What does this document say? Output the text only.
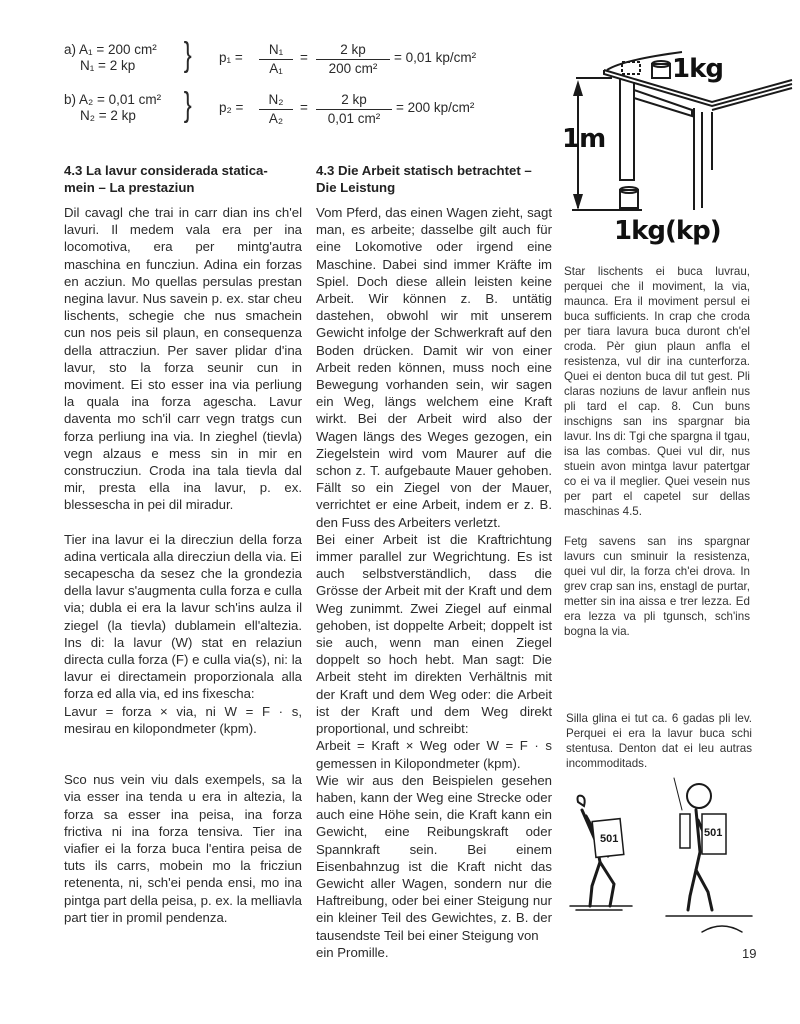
a) A₁ = 200 cm²
N₁ = 2 kp	} $p_1 = \frac{\text{N₁}}{\text{A₁}} = \frac{2 kp}{\text{200 cm²}} = 0,01$ kp/cm²
b) A₂ = 0,01 cm²
N₂ = 2 kp	} $p_2 = \frac{\text{N₂}}{\text{A₂}} = \frac{2 kp}{\text{0,01 cm²}} = 200$ kp/cm²
4.3 La lavur considerada statica-
mein – La prestaziun

Dil cavagl che trai in carr dian ins ch'el lavuri. Il medem vala era per ina locomotiva, era per mintg'autra maschina en funcziun. Adina ein forzas en acziun. Mo quellas persulas prestan negina lavur. Nus savein p. ex. star cheu lischents, schegie che nus smachein cun nos peis sil plaun, en consequenza della attracziun. Per saver plidar d'ina lavur, sto la forza seunir cun in moviment. Ei sto esser ina via perliung la quala ina forza agescha. Lavur daventa mo sch'il carr vegn tratgs cun forza perliung ina via. In zieghel (tievla) vegn alzaus e mess sin in mir en construcziun. Croda ina tala tievla dal mir, presta ella ina lavur, p. ex. blessescha in pei dil miradur.

Tier ina lavur ei la direcziun della forza adina verticala alla direcziun della via. Ei secapescha da sesez che la grondezia della lavur s'augmenta culla forza e culla via; dubla ei era la lavur sch'ins aulza il ziegel (la tievla) dublamein ell'altezia. Ins di: la lavur (W) stat en relaziun directa culla forza (F) e culla via(s), ni: la lavur ei directamein proporzionala alla forza ed alla via, ed ins fixescha:

Lavur = forza × via, ni W = F · s, mesirau en kilopondmeter (kpm).

Sco nus vein viu dals exempels, sa la via esser ina tenda u era in altezia, la forza sa esser ina peisa, ina forza frictiva ni ina forza tensiva. Tier ina viafier ei la forza buca l'entira peisa de tuts ils carrs, mobein mo la fricziun retenenta, ni, sch'ei penda ensi, mo ina pintga part della peisa, p. ex. la melliavla part tier in promil pendenza.

4.3 Die Arbeit statisch betrachtet –
Die Leistung

Vom Pferd, das einen Wagen zieht, sagt man, es arbeite; dasselbe gilt auch für eine Lokomotive oder irgend eine Maschine. Dabei sind immer Kräfte im Spiel. Doch diese allein leisten keine Arbeit. Wir können z. B. untätig dastehen, obwohl wir mit unserem Gewicht infolge der Schwerkraft auf den Boden drücken. Damit wir von einer Arbeit reden können, muss noch eine Bewegung vorhanden sein, wir sagen ein Weg, längs welchem eine Kraft wirkt. Bei der Arbeit wird also der Wagen längs des Weges gezogen, ein Ziegelstein wird vom Maurer auf die schon z. T. aufgebaute Mauer gehoben. Fällt so ein Ziegel von der Mauer, verrichtet er eine Arbeit, indem er z. B. den Fuss des Arbeiters verletzt.

Bei einer Arbeit ist die Kraftrichtung immer parallel zur Wegrichtung. Es ist auch selbstverständlich, dass die Grösse der Arbeit mit der Kraft und dem Weg zunimmt. Zwei Ziegel auf einmal gehoben, ist doppelte Arbeit; doppelt ist sie auch, wenn man einen Ziegel doppelt so hoch hebt. Man sagt: Die Arbeit steht im direkten Verhältnis mit der Kraft und dem Weg oder: die Arbeit ist der Kraft und dem Weg direkt proportional, und schreibt:

Arbeit = Kraft × Weg oder W = F · s gemessen in Kilopondmeter (kpm).

Wie wir aus den Beispielen gesehen haben, kann der Weg eine Strecke oder auch eine Höhe sein, die Kraft kann ein Gewicht, eine Reibungskraft oder Spannkraft sein. Bei einem Eisenbahnzug ist die Kraft nicht das Gewicht aller Wagen, sondern nur die Haftreibung, oder bei einer Steigung nur ein kleiner Teil des Gewichtes, z. B. der tausendste Teil bei einer Steigung von

ein Promille.

1kg
1m
1kg(kp)

Star lischents ei buca luvrau, perquei che il moviment, la via, maunca. Era il moviment persul ei buca sufficients. In crap che croda per tiara lavura buca duront ch'el croda. Pèr giun plaun anfla el resistenza, vul dir ina cunterforza. Quei ei denton buca dil tut gest. Pli claras noziuns de lavur anflein nus pli tard el cap. 8. Cun buns inschigns san ins spargnar bia lavur. Ins di: Tgi che spargna il tgau, isa las combas. Quei vul dir, nus stuein avon mintga lavur patertgar co ei va il meglier. Quei vesein nus per part el capetel sur dellas maschinas 4.5.

Fetg savens san ins spargnar lavurs cun sminuir la resistenza, quei vul dir, la forza ch'ei drova. In grev crap san ins, enstagl de purtar, metter sin ina aissa e trer lezza. Ed era lezza va pli tgunsch, sch'ins bogna la via.

Silla glina ei tut ca. 6 gadas pli lev. Perquei ei era la lavur buca schi stentusa. Denton dat ei leu autras incommoditads.

501	501
19
